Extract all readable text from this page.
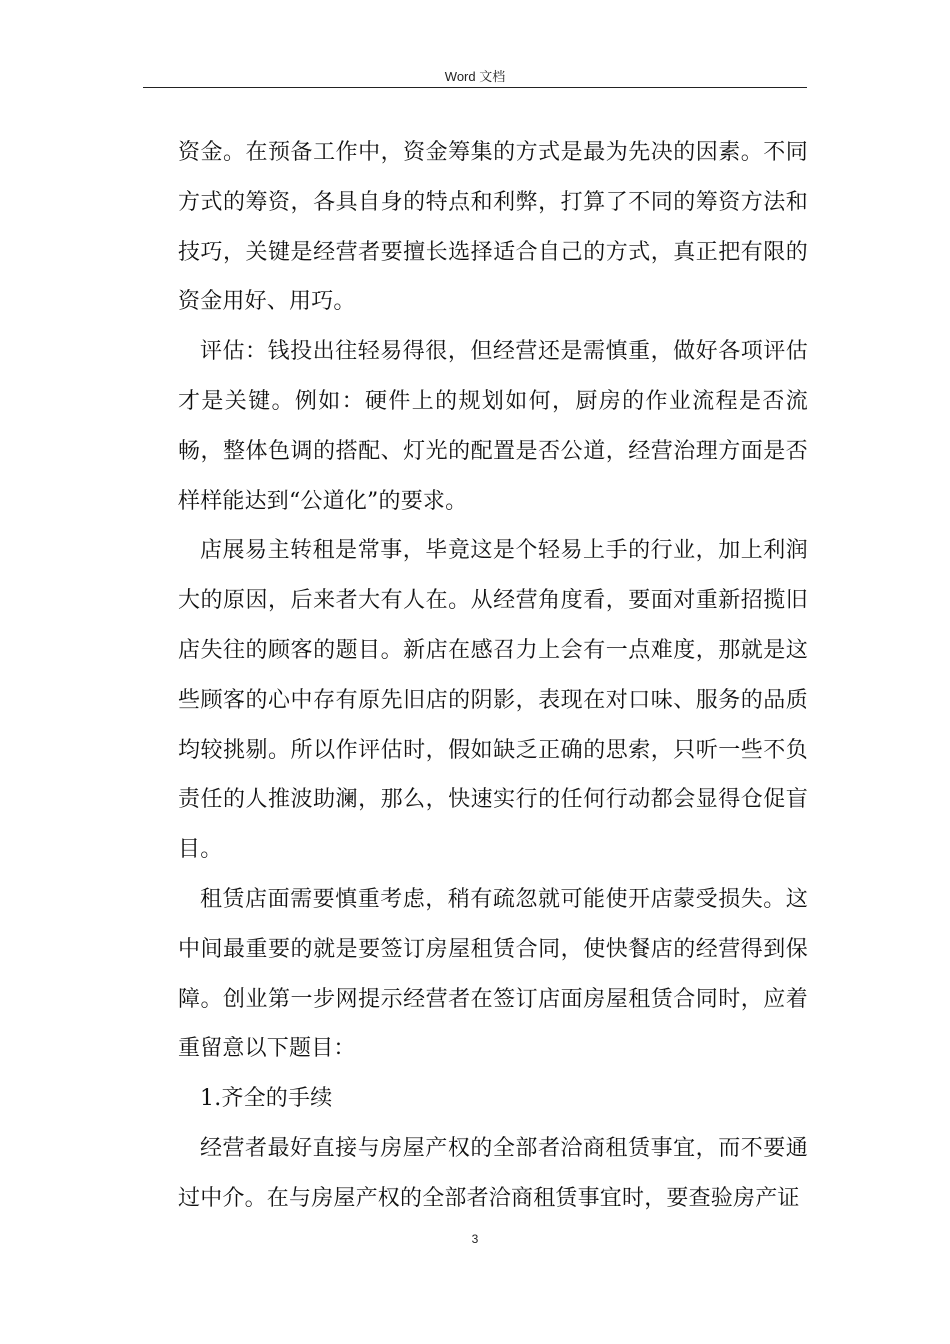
Word 文档

资金。在预备工作中，资金筹集的方式是最为先决的因素。不同方式的筹资，各具自身的特点和利弊，打算了不同的筹资方法和技巧，关键是经营者要擅长选择适合自己的方式，真正把有限的资金用好、用巧。

评估：钱投出往轻易得很，但经营还是需慎重，做好各项评估才是关键。例如：硬件上的规划如何，厨房的作业流程是否流畅，整体色调的搭配、灯光的配置是否公道，经营治理方面是否样样能达到“公道化”的要求。

店展易主转租是常事，毕竟这是个轻易上手的行业，加上利润大的原因，后来者大有人在。从经营角度看，要面对重新招揽旧店失往的顾客的题目。新店在感召力上会有一点难度，那就是这些顾客的心中存有原先旧店的阴影，表现在对口味、服务的品质均较挑剔。所以作评估时，假如缺乏正确的思索，只听一些不负责任的人推波助澜，那么，快速实行的任何行动都会显得仓促盲目。

租赁店面需要慎重考虑，稍有疏忽就可能使开店蒙受损失。这中间最重要的就是要签订房屋租赁合同，使快餐店的经营得到保障。创业第一步网提示经营者在签订店面房屋租赁合同时，应着重留意以下题目：

1.齐全的手续

经营者最好直接与房屋产权的全部者洽商租赁事宜，而不要通过中介。在与房屋产权的全部者洽商租赁事宜时，要查验房产证

3
